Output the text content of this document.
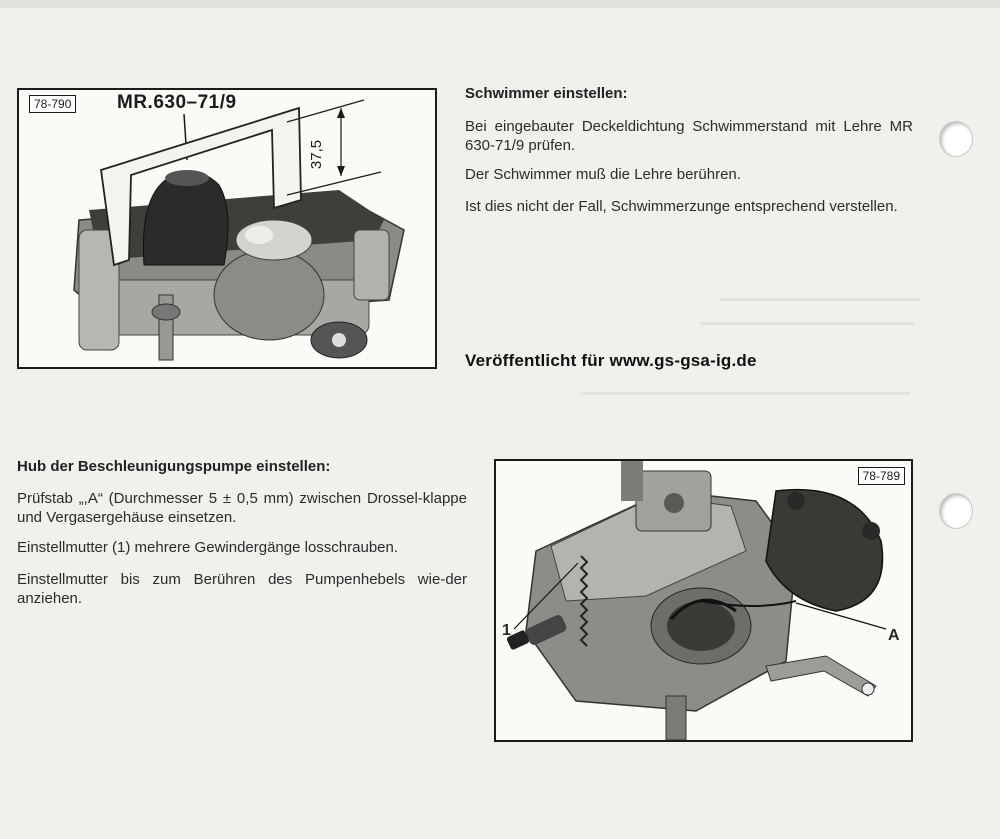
78-790 MR.630–71/9
37,5
Schwimmer einstellen:

Bei eingebauter Deckeldichtung Schwimmerstand mit Lehre MR 630-71/9 prüfen.

Der Schwimmer muß die Lehre berühren.

Ist dies nicht der Fall, Schwimmerzunge entsprechend verstellen.

Veröffentlicht für www.gs-gsa-ig.de
Hub der Beschleunigungspumpe einstellen:

Prüfstab „,A“ (Durchmesser 5 ± 0,5 mm) zwischen Drossel-klappe und Vergasergehäuse einsetzen.

Einstellmutter (1) mehrere Gewindergänge losschrauben.

Einstellmutter bis zum Berühren des Pumpenhebels wie-der anziehen.

78-789
1	A
